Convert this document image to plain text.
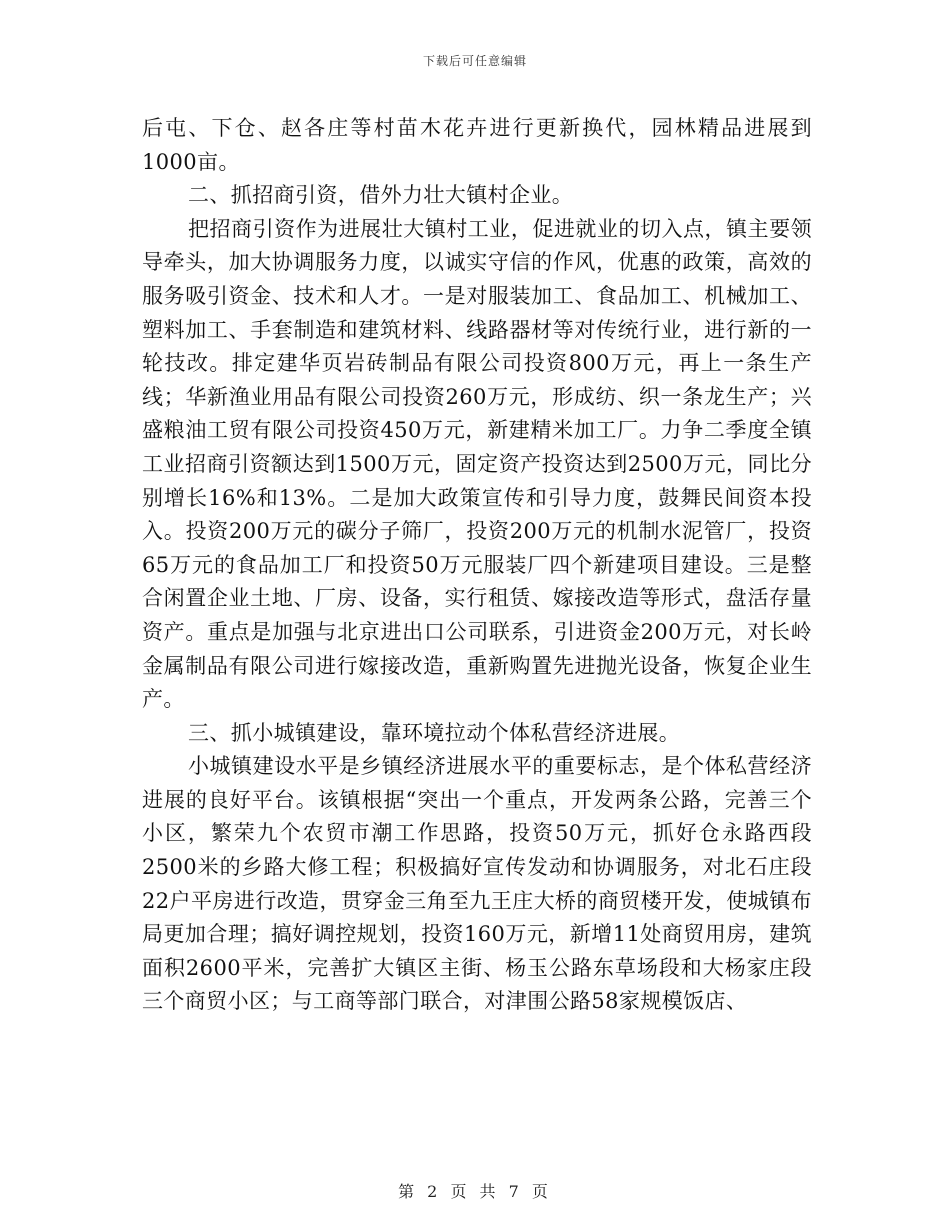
下载后可任意编辑

后屯、下仓、赵各庄等村苗木花卉进行更新换代，园林精品进展到1000亩。

二、抓招商引资，借外力壮大镇村企业。

把招商引资作为进展壮大镇村工业，促进就业的切入点，镇主要领导牵头，加大协调服务力度，以诚实守信的作风，优惠的政策，高效的服务吸引资金、技术和人才。一是对服装加工、食品加工、机械加工、塑料加工、手套制造和建筑材料、线路器材等对传统行业，进行新的一轮技改。排定建华页岩砖制品有限公司投资800万元，再上一条生产线；华新渔业用品有限公司投资260万元，形成纺、织一条龙生产；兴盛粮油工贸有限公司投资450万元，新建精米加工厂。力争二季度全镇工业招商引资额达到1500万元，固定资产投资达到2500万元，同比分别增长16%和13%。二是加大政策宣传和引导力度，鼓舞民间资本投入。投资200万元的碳分子筛厂，投资200万元的机制水泥管厂，投资65万元的食品加工厂和投资50万元服装厂四个新建项目建设。三是整合闲置企业土地、厂房、设备，实行租赁、嫁接改造等形式，盘活存量资产。重点是加强与北京进出口公司联系，引进资金200万元，对长岭金属制品有限公司进行嫁接改造，重新购置先进抛光设备，恢复企业生产。

三、抓小城镇建设，靠环境拉动个体私营经济进展。

小城镇建设水平是乡镇经济进展水平的重要标志，是个体私营经济进展的良好平台。该镇根据“突出一个重点，开发两条公路，完善三个小区，繁荣九个农贸市潮工作思路，投资50万元，抓好仓永路西段2500米的乡路大修工程；积极搞好宣传发动和协调服务，对北石庄段22户平房进行改造，贯穿金三角至九王庄大桥的商贸楼开发，使城镇布局更加合理；搞好调控规划，投资160万元，新增11处商贸用房，建筑面积2600平米，完善扩大镇区主街、杨玉公路东草场段和大杨家庄段三个商贸小区；与工商等部门联合，对津围公路58家规模饭店、

第 2 页 共 7 页
